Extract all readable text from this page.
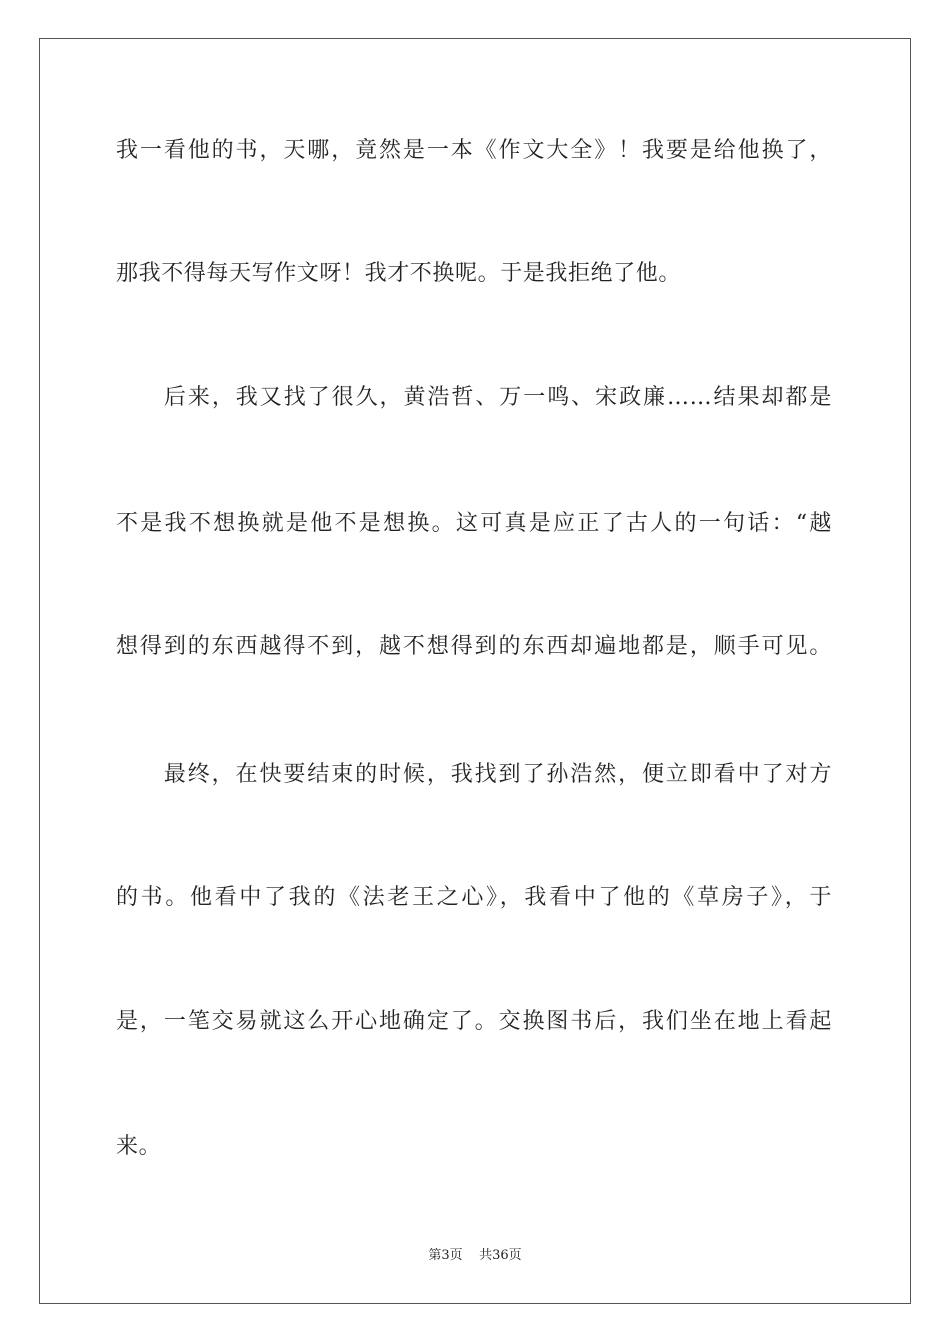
我一看他的书，天哪，竟然是一本《作文大全》！我要是给他换了，
那我不得每天写作文呀！我才不换呢。于是我拒绝了他。
　　后来，我又找了很久，黄浩哲、万一鸣、宋政廉……结果却都是
不是我不想换就是他不是想换。这可真是应正了古人的一句话：“越
想得到的东西越得不到，越不想得到的东西却遍地都是，顺手可见。
　　最终，在快要结束的时候，我找到了孙浩然，便立即看中了对方
的书。他看中了我的《法老王之心》，我看中了他的《草房子》，于
是，一笔交易就这么开心地确定了。交换图书后，我们坐在地上看起
来。
第3页 共36页
